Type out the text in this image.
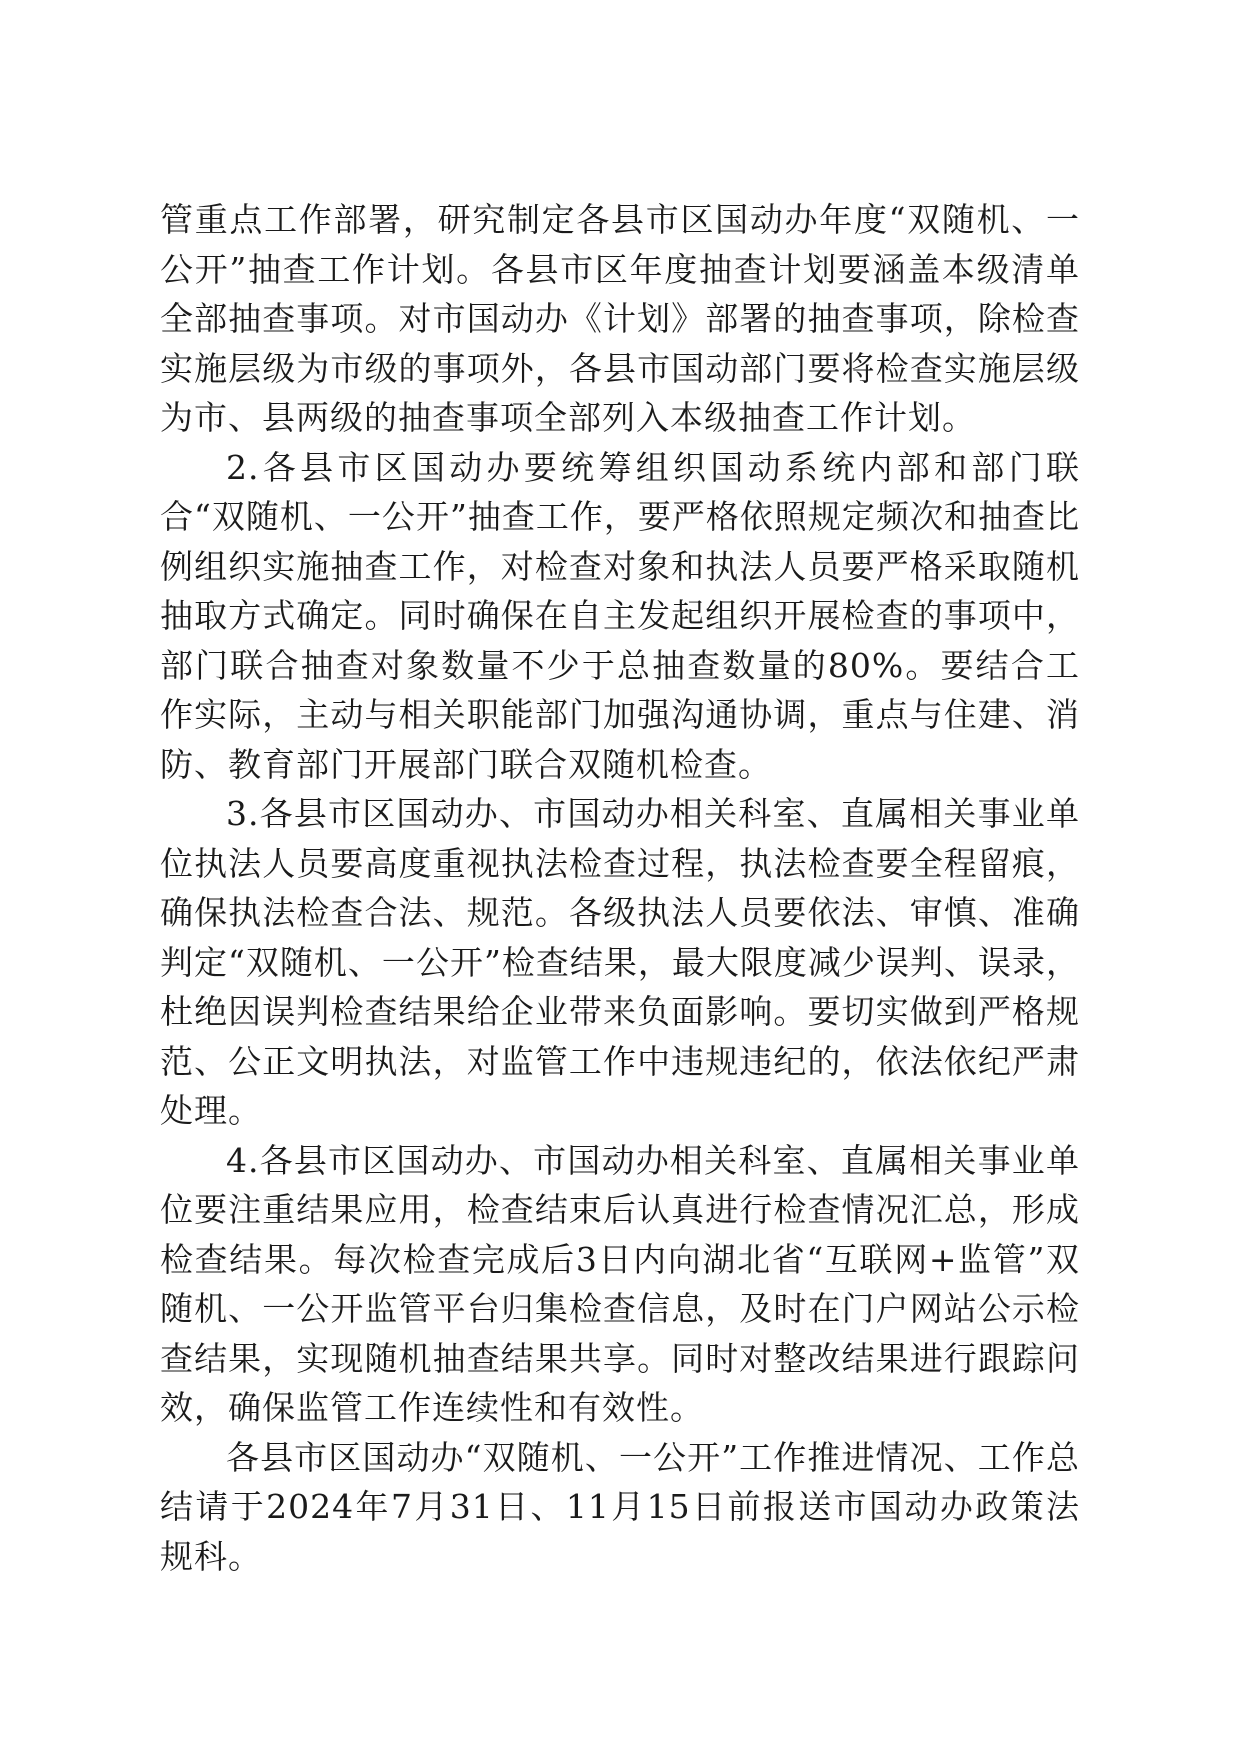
管重点工作部署，研究制定各县市区国动办年度“双随机、一公开”抽查工作计划。各县市区年度抽查计划要涵盖本级清单全部抽查事项。对市国动办《计划》部署的抽查事项，除检查实施层级为市级的事项外，各县市国动部门要将检查实施层级为市、县两级的抽查事项全部列入本级抽查工作计划。

2.各县市区国动办要统筹组织国动系统内部和部门联合“双随机、一公开”抽查工作，要严格依照规定频次和抽查比例组织实施抽查工作，对检查对象和执法人员要严格采取随机抽取方式确定。同时确保在自主发起组织开展检查的事项中，部门联合抽查对象数量不少于总抽查数量的80%。要结合工作实际，主动与相关职能部门加强沟通协调，重点与住建、消防、教育部门开展部门联合双随机检查。

3.各县市区国动办、市国动办相关科室、直属相关事业单位执法人员要高度重视执法检查过程，执法检查要全程留痕，确保执法检查合法、规范。各级执法人员要依法、审慎、准确判定“双随机、一公开”检查结果，最大限度减少误判、误录，杜绝因误判检查结果给企业带来负面影响。要切实做到严格规范、公正文明执法，对监管工作中违规违纪的，依法依纪严肃处理。

4.各县市区国动办、市国动办相关科室、直属相关事业单位要注重结果应用，检查结束后认真进行检查情况汇总，形成检查结果。每次检查完成后3日内向湖北省“互联网+监管”双随机、一公开监管平台归集检查信息，及时在门户网站公示检查结果，实现随机抽查结果共享。同时对整改结果进行跟踪问效，确保监管工作连续性和有效性。

各县市区国动办“双随机、一公开”工作推进情况、工作总结请于2024年7月31日、11月15日前报送市国动办政策法规科。
